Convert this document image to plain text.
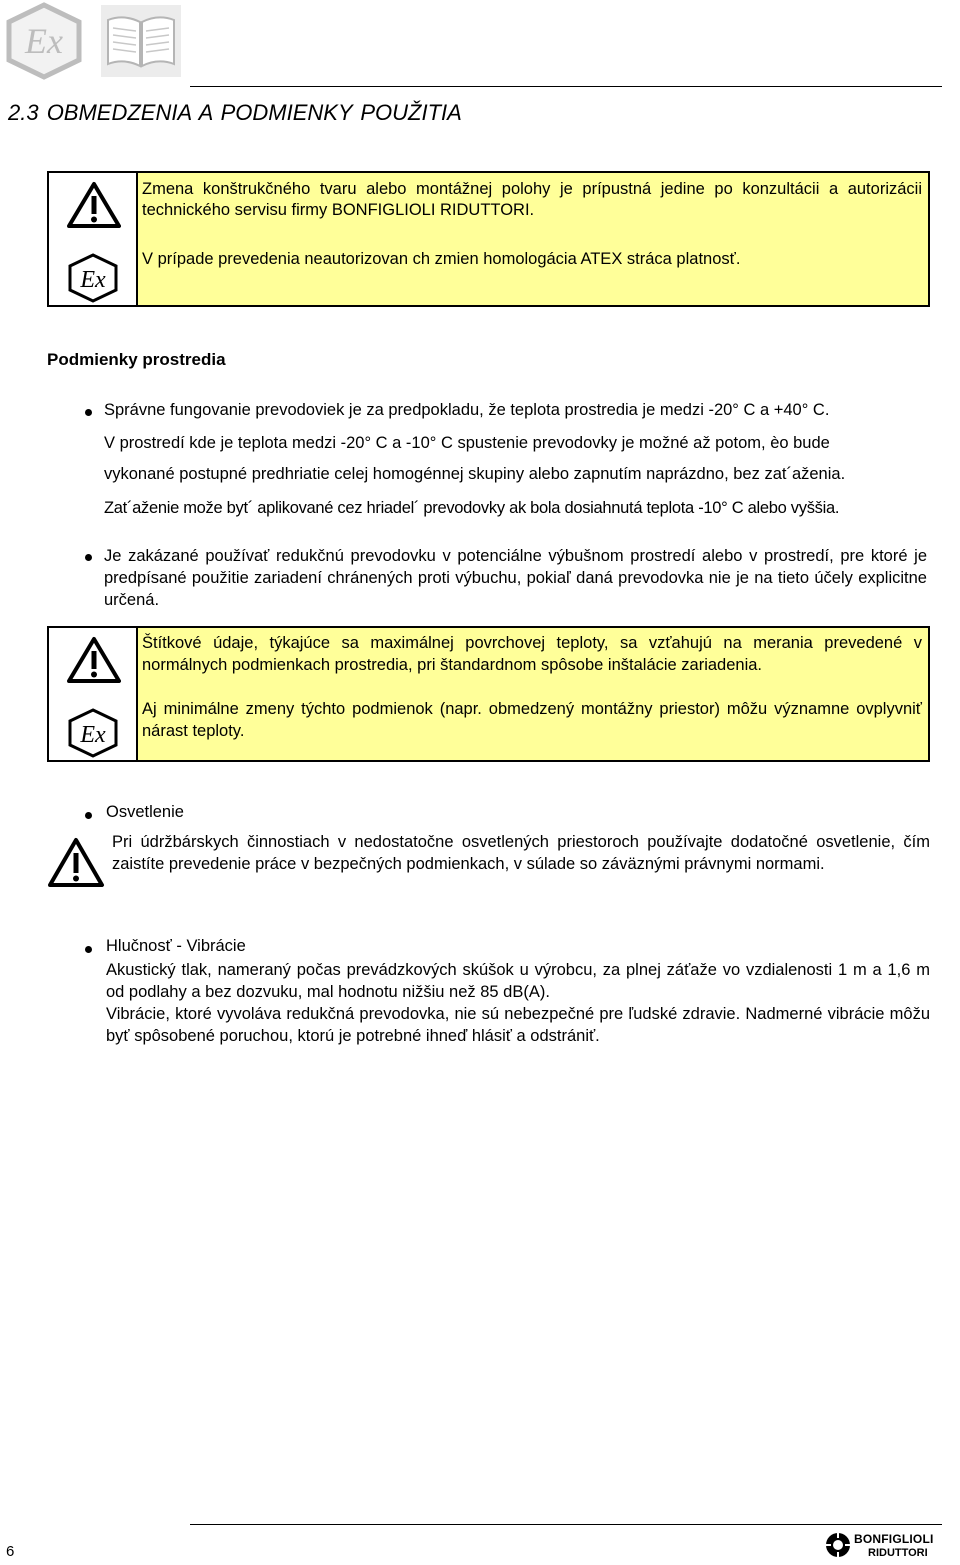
Ex
2.3 OBMEDZENIA A PODMIENKY POUŽITIA
Ex
Zmena konštrukčného tvaru alebo montážnej polohy je prípustná jedine po konzultácii a autorizácii technického servisu firmy BONFIGLIOLI RIDUTTORI.
V prípade prevedenia neautorizovan ch zmien homologácia ATEX stráca platnosť.
Podmienky prostredia
Správne fungovanie prevodoviek je za predpokladu, že teplota prostredia je medzi -20° C a +40° C.
V prostredí kde je teplota medzi -20° C a -10° C spustenie prevodovky je možné až potom, èo bude
vykonané postupné predhriatie celej homogénnej skupiny alebo zapnutím naprázdno, bez zat´aženia.
Zat´aženie može byt´ aplikované cez hriadel´ prevodovky ak bola dosiahnutá teplota -10° C alebo vyššia.
Je zakázané používať redukčnú prevodovku v potenciálne výbušnom prostredí alebo v prostredí, pre ktoré je predpísané použitie zariadení chránených proti výbuchu, pokiaľ daná prevodovka nie je na tieto účely explicitne určená.
Ex
Štítkové údaje, týkajúce sa maximálnej povrchovej teploty, sa vzťahujú na merania prevedené v normálnych podmienkach prostredia, pri štandardnom spôsobe inštalácie zariadenia.
Aj minimálne zmeny týchto podmienok (napr. obmedzený montážny priestor) môžu významne ovplyvniť nárast teploty.
Osvetlenie
Pri údržbárskych činnostiach v nedostatočne osvetlených priestoroch používajte dodatočné osvetlenie, čím zaistíte prevedenie práce v bezpečných podmienkach, v súlade so záväznými právnymi normami.
Hlučnosť - Vibrácie
Akustický tlak, nameraný počas prevádzkových skúšok u výrobcu, za plnej záťaže vo vzdialenosti 1 m a 1,6 m od podlahy a bez dozvuku, mal hodnotu nižšiu než 85 dB(A).
Vibrácie, ktoré vyvoláva redukčná prevodovka, nie sú nebezpečné pre ľudské zdravie. Nadmerné vibrácie môžu byť spôsobené poruchou, ktorú je potrebné ihneď hlásiť a odstrániť.
6
BONFIGLIOLI
RIDUTTORI
